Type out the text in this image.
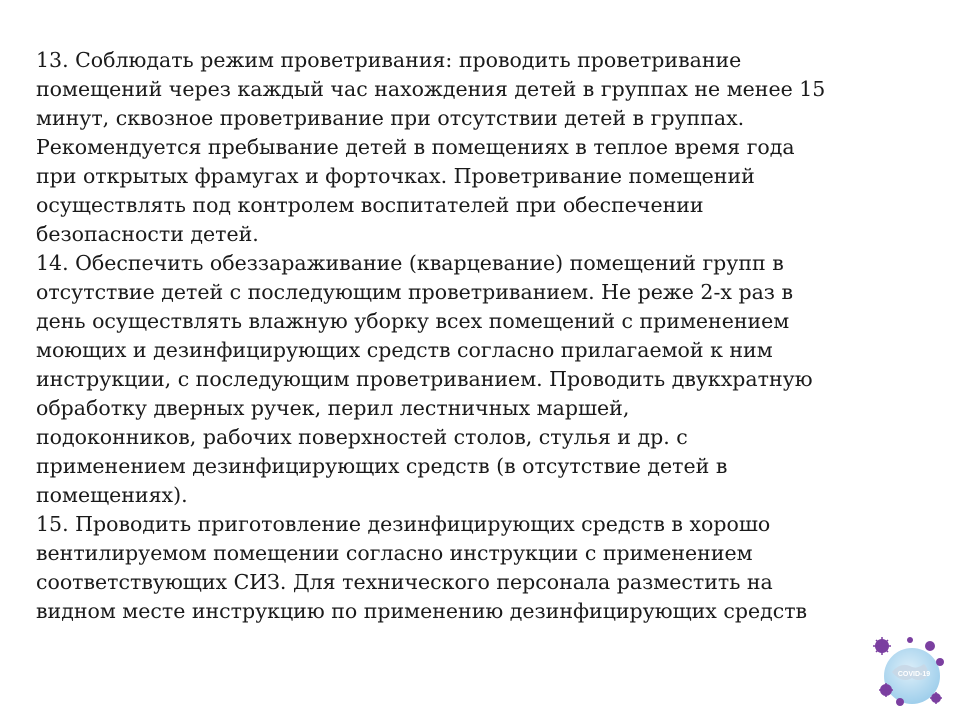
13. Соблюдать режим проветривания: проводить проветривание
помещений через каждый час нахождения детей в группах не менее 15
минут, сквозное проветривание при отсутствии детей в группах.
Рекомендуется пребывание детей в помещениях в теплое время года
при открытых фрамугах и форточках. Проветривание помещений
осуществлять под контролем воспитателей при обеспечении
безопасности детей.
14. Обеспечить обеззараживание (кварцевание) помещений групп в
отсутствие детей с последующим проветриванием. Не реже 2-х раз в
день осуществлять влажную уборку всех помещений с применением
моющих и дезинфицирующих средств согласно прилагаемой к ним
инструкции, с последующим проветриванием. Проводить двукхратную
обработку дверных ручек, перил лестничных маршей,
подоконников, рабочих поверхностей столов, стулья и др. с
применением дезинфицирующих средств (в отсутствие детей в
помещениях).
15. Проводить приготовление дезинфицирующих средств в хорошо
вентилируемом помещении согласно инструкции с применением
соответствующих СИЗ. Для технического персонала разместить на
видном месте инструкцию по применению дезинфицирующих средств
COVID-19
